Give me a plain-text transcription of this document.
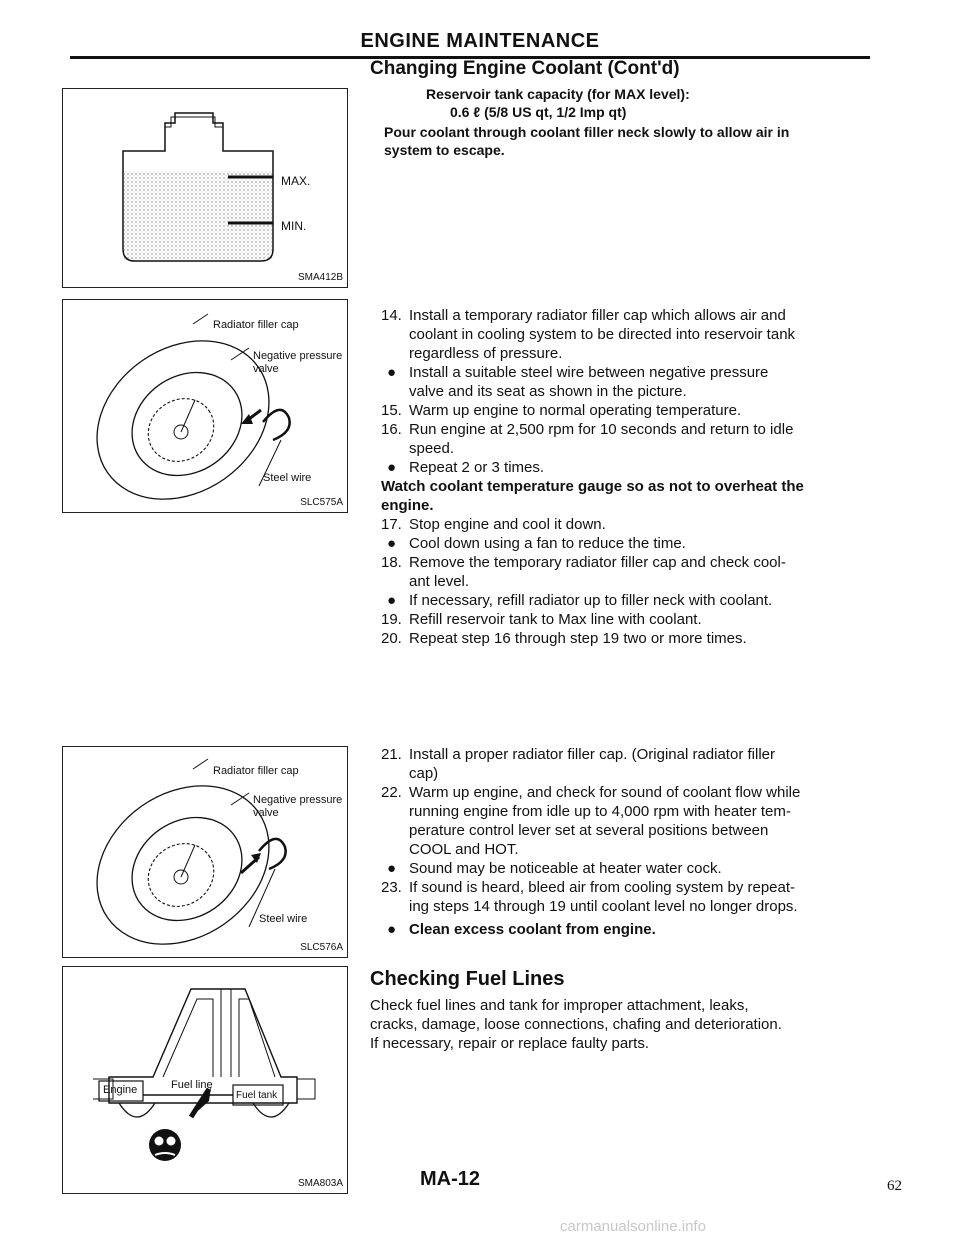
ENGINE MAINTENANCE
MAX.
MIN.
SMA412B
Radiator filler cap
Negative pressure
valve
Steel wire
SLC575A
Radiator filler cap
Negative pressure
valve
Steel wire
SLC576A
Engine	Fuel line
Fuel tank
SMA803A
Changing Engine Coolant (Cont'd)
Reservoir tank capacity (for MAX level):
0.6 ℓ (5/8 US qt, 1/2 Imp qt)
Pour coolant through coolant filler neck slowly to allow air in
system to escape.
14. Install a temporary radiator filler cap which allows air and
coolant in cooling system to be directed into reservoir tank
regardless of pressure.
● Install a suitable steel wire between negative pressure
valve and its seat as shown in the picture.
15. Warm up engine to normal operating temperature.
16. Run engine at 2,500 rpm for 10 seconds and return to idle
speed.
● Repeat 2 or 3 times.
Watch coolant temperature gauge so as not to overheat the
engine.
17. Stop engine and cool it down.
● Cool down using a fan to reduce the time.
18. Remove the temporary radiator filler cap and check cool-
ant level.
● If necessary, refill radiator up to filler neck with coolant.
19. Refill reservoir tank to Max line with coolant.
20. Repeat step 16 through step 19 two or more times.
21. Install a proper radiator filler cap. (Original radiator filler
cap)
22. Warm up engine, and check for sound of coolant flow while
running engine from idle up to 4,000 rpm with heater tem-
perature control lever set at several positions between
COOL and HOT.
● Sound may be noticeable at heater water cock.
23. If sound is heard, bleed air from cooling system by repeat-
ing steps 14 through 19 until coolant level no longer drops.
● Clean excess coolant from engine.
Checking Fuel Lines
Check fuel lines and tank for improper attachment, leaks,
cracks, damage, loose connections, chafing and deterioration.
If necessary, repair or replace faulty parts.
MA-12	62
carmanualsonline.info
